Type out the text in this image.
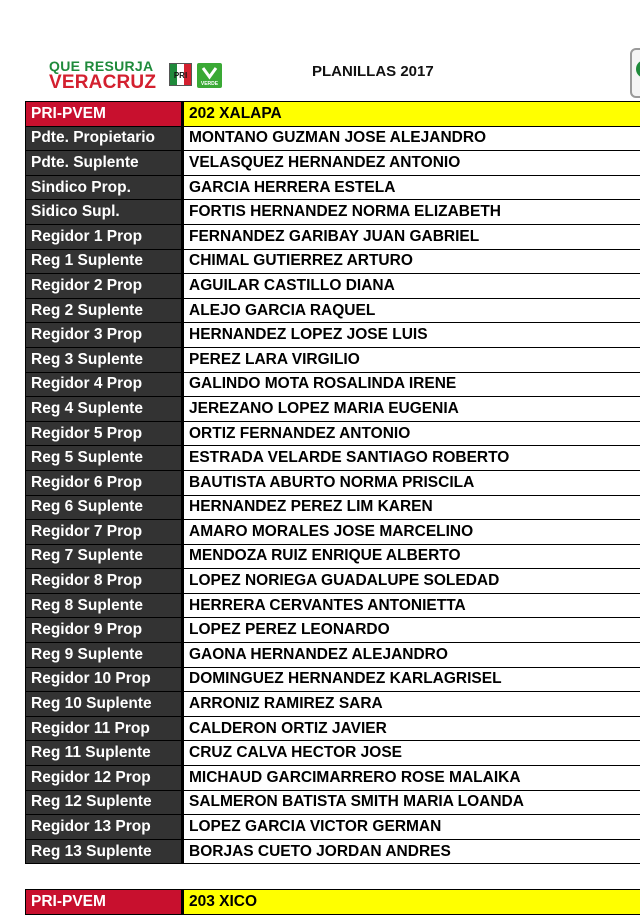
QUE RESURJA
VERACRUZ PRI
VERDE
PLANILLAS 2017
PRI-PVEM	202 XALAPA
Pdte. Propietario	MONTANO GUZMAN JOSE ALEJANDRO
Pdte. Suplente	VELASQUEZ HERNANDEZ ANTONIO
Sindico Prop.	GARCIA HERRERA ESTELA
Sidico Supl.	FORTIS HERNANDEZ NORMA ELIZABETH
Regidor 1 Prop	FERNANDEZ GARIBAY JUAN GABRIEL
Reg 1 Suplente	CHIMAL GUTIERREZ ARTURO
Regidor 2 Prop	AGUILAR CASTILLO DIANA
Reg 2 Suplente	ALEJO GARCIA RAQUEL
Regidor 3 Prop	HERNANDEZ LOPEZ JOSE LUIS
Reg 3 Suplente	PEREZ LARA VIRGILIO
Regidor 4 Prop	GALINDO MOTA ROSALINDA IRENE
Reg 4 Suplente	JEREZANO LOPEZ MARIA EUGENIA
Regidor 5 Prop	ORTIZ FERNANDEZ ANTONIO
Reg 5 Suplente	ESTRADA VELARDE SANTIAGO ROBERTO
Regidor 6 Prop	BAUTISTA ABURTO NORMA PRISCILA
Reg 6 Suplente	HERNANDEZ PEREZ LIM KAREN
Regidor 7 Prop	AMARO MORALES JOSE MARCELINO
Reg 7 Suplente	MENDOZA RUIZ ENRIQUE ALBERTO
Regidor 8 Prop	LOPEZ NORIEGA GUADALUPE SOLEDAD
Reg 8 Suplente	HERRERA CERVANTES ANTONIETTA
Regidor 9 Prop	LOPEZ PEREZ LEONARDO
Reg 9 Suplente	GAONA HERNANDEZ ALEJANDRO
Regidor 10 Prop	DOMINGUEZ HERNANDEZ KARLAGRISEL
Reg 10 Suplente	ARRONIZ RAMIREZ SARA
Regidor 11 Prop	CALDERON ORTIZ JAVIER
Reg 11 Suplente	CRUZ CALVA HECTOR JOSE
Regidor 12 Prop	MICHAUD GARCIMARRERO ROSE MALAIKA
Reg 12 Suplente	SALMERON BATISTA SMITH MARIA LOANDA
Regidor 13 Prop	LOPEZ GARCIA VICTOR GERMAN
Reg 13 Suplente	BORJAS CUETO JORDAN ANDRES
PRI-PVEM	203 XICO
